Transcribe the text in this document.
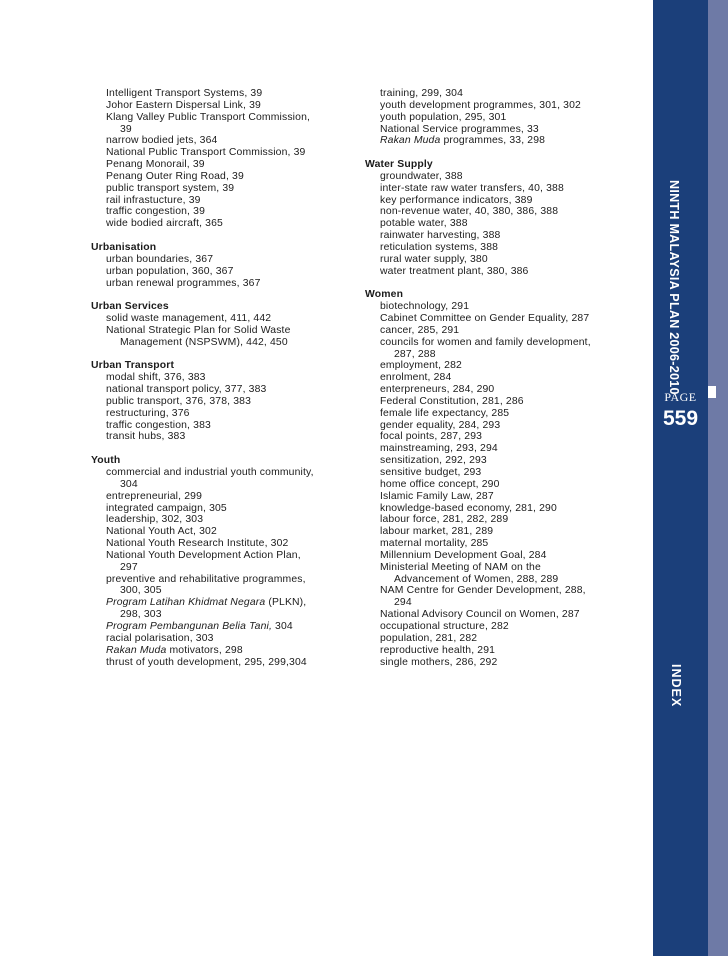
NINTH MALAYSIA PLAN 2006-2010
PAGE
559
INDEX
Intelligent Transport Systems, 39
Johor Eastern Dispersal Link, 39
Klang Valley Public Transport Commission,
39
narrow bodied jets, 364
National Public Transport Commission, 39
Penang Monorail, 39
Penang Outer Ring Road, 39
public transport system, 39
rail infrastucture, 39
traffic congestion, 39
wide bodied aircraft, 365
Urbanisation
urban boundaries, 367
urban population, 360, 367
urban renewal programmes, 367
Urban Services
solid waste management, 411, 442
National Strategic Plan for Solid Waste
Management (NSPSWM), 442, 450
Urban Transport
modal shift, 376, 383
national transport policy, 377, 383
public transport, 376, 378, 383
restructuring, 376
traffic congestion, 383
transit hubs, 383
Youth
commercial and industrial youth community,
304
entrepreneurial, 299
integrated campaign, 305
leadership, 302, 303
National Youth Act, 302
National Youth Research Institute, 302
National Youth Development Action Plan,
297
preventive and rehabilitative programmes,
300, 305
Program Latihan Khidmat Negara (PLKN),
298, 303
Program Pembangunan Belia Tani, 304
racial polarisation, 303
Rakan Muda motivators, 298
thrust of youth development, 295, 299,304
training, 299, 304
youth development programmes, 301, 302
youth population, 295, 301
National Service programmes, 33
Rakan Muda programmes, 33, 298
Water Supply
groundwater, 388
inter-state raw water transfers, 40, 388
key performance indicators, 389
non-revenue water, 40, 380, 386, 388
potable water, 388
rainwater harvesting, 388
reticulation systems, 388
rural water supply, 380
water treatment plant, 380, 386
Women
biotechnology, 291
Cabinet Committee on Gender Equality, 287
cancer, 285, 291
councils for women and family development,
287, 288
employment, 282
enrolment, 284
enterpreneurs, 284, 290
Federal Constitution, 281, 286
female life expectancy, 285
gender equality, 284, 293
focal points, 287, 293
mainstreaming, 293, 294
sensitization, 292, 293
sensitive budget, 293
home office concept, 290
Islamic Family Law, 287
knowledge-based economy, 281, 290
labour force, 281, 282, 289
labour market, 281, 289
maternal mortality, 285
Millennium Development Goal, 284
Ministerial Meeting of NAM on the
Advancement of Women, 288, 289
NAM Centre for Gender Development, 288,
294
National Advisory Council on Women, 287
occupational structure, 282
population, 281, 282
reproductive health, 291
single mothers, 286, 292
